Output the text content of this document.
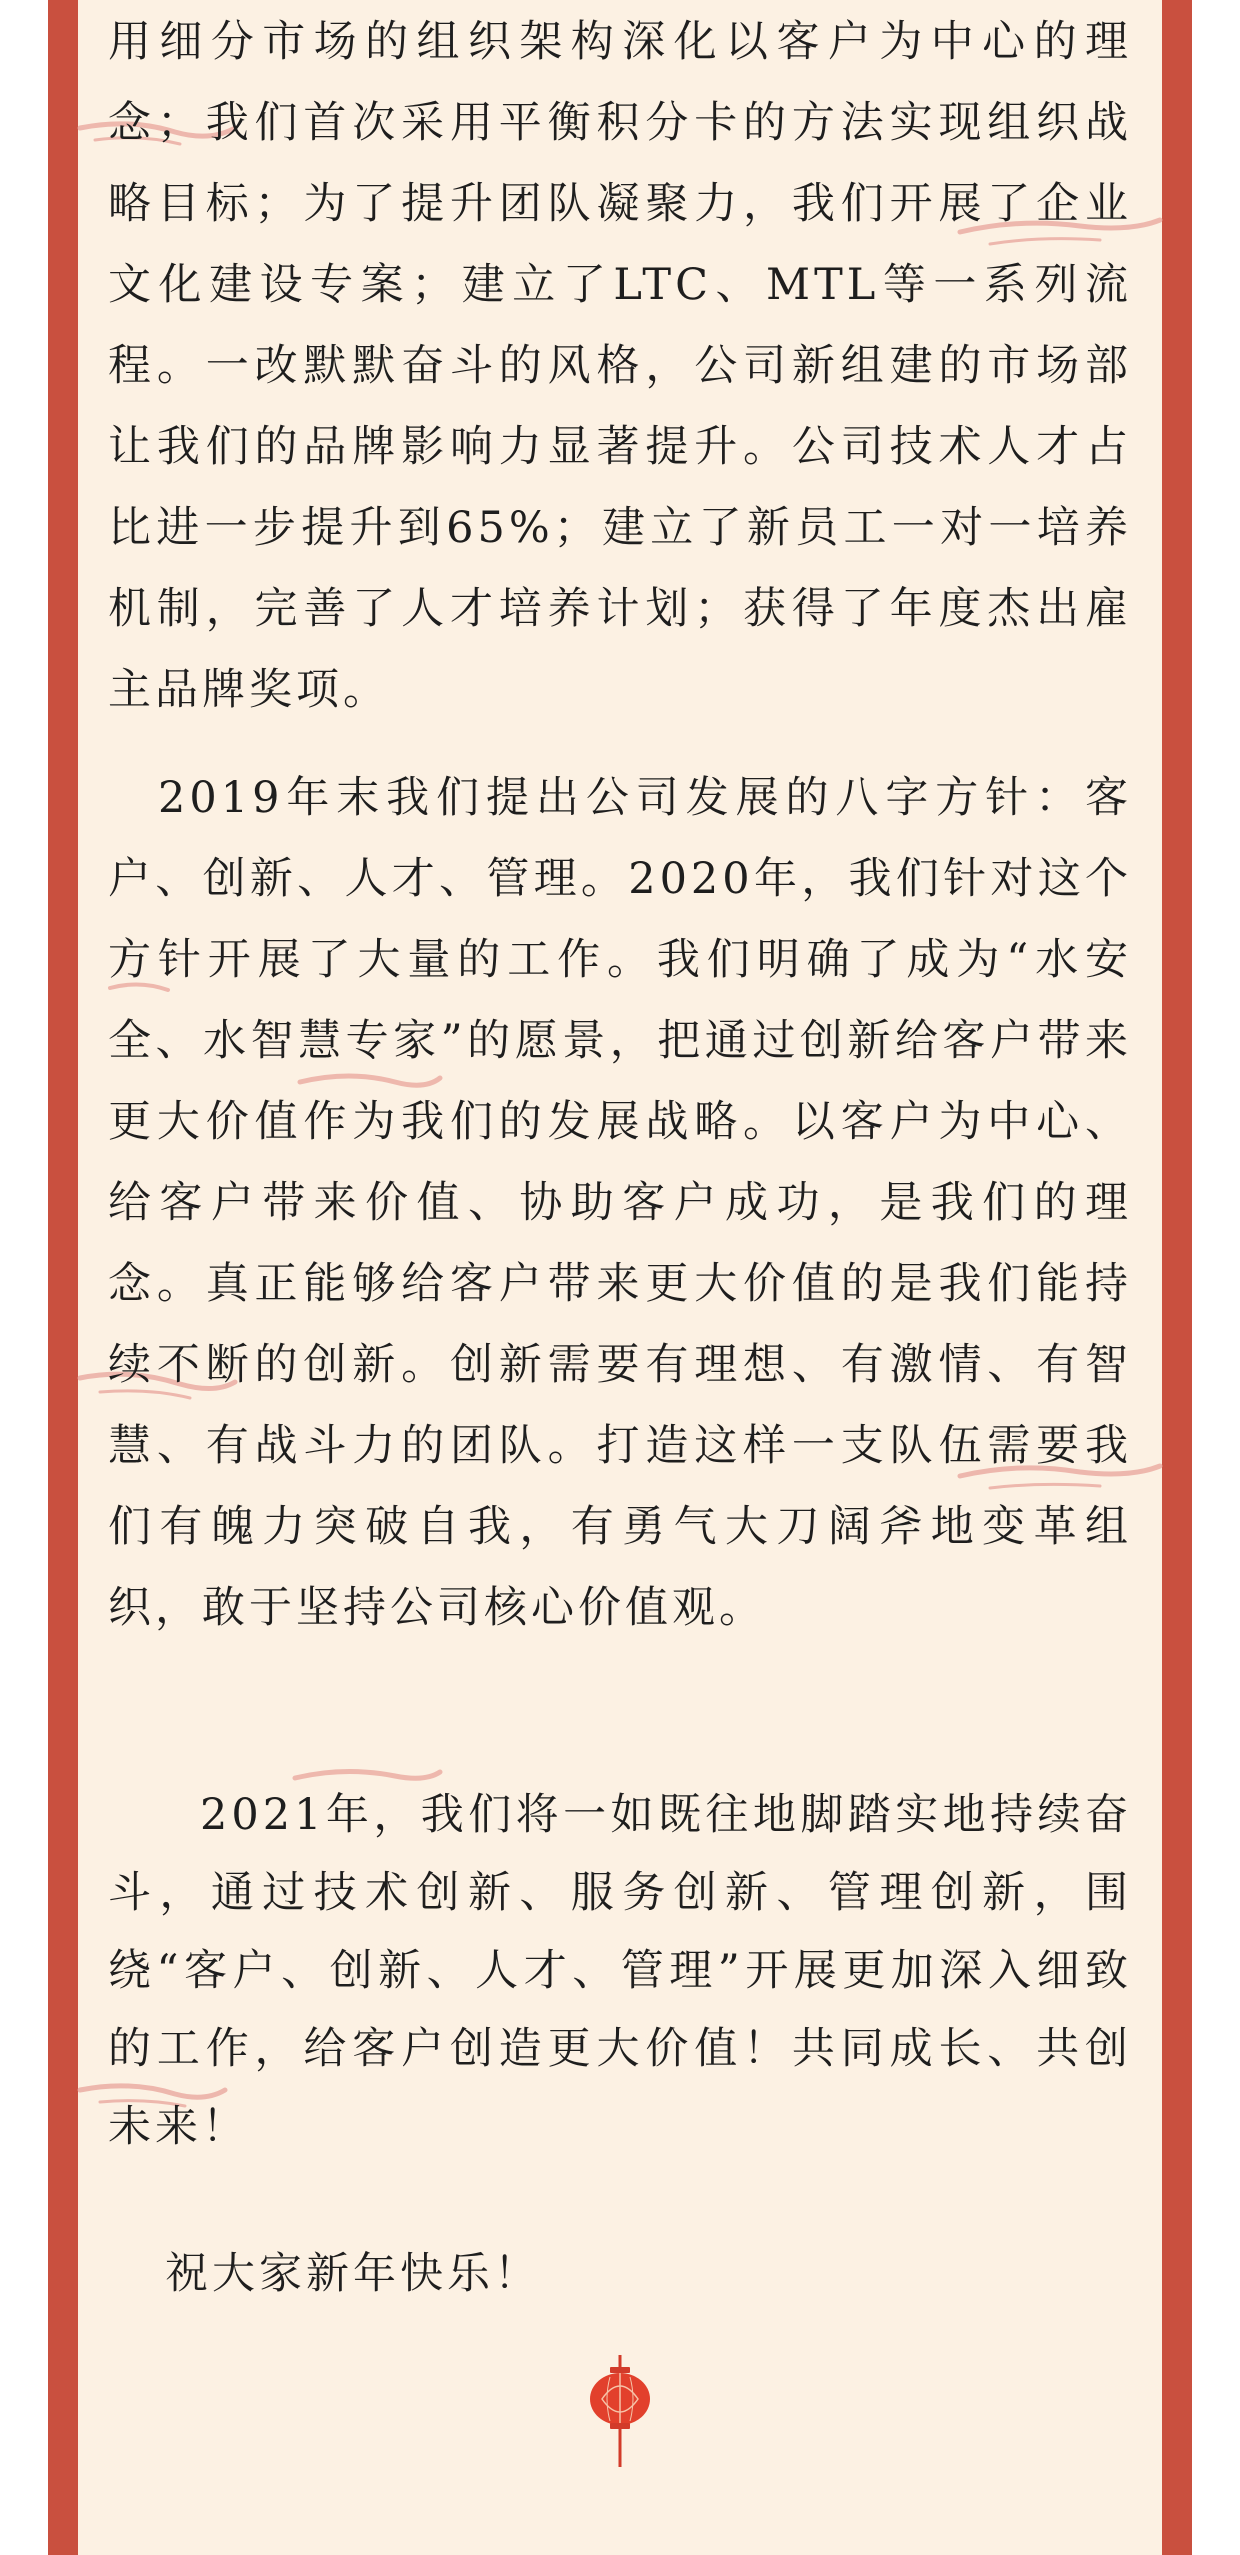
用细分市场的组织架构深化以客户为中心的理念；我们首次采用平衡积分卡的方法实现组织战略目标；为了提升团队凝聚力，我们开展了企业文化建设专案；建立了LTC、MTL等一系列流程。一改默默奋斗的风格，公司新组建的市场部让我们的品牌影响力显著提升。公司技术人才占比进一步提升到65%；建立了新员工一对一培养机制，完善了人才培养计划；获得了年度杰出雇主品牌奖项。

2019年末我们提出公司发展的八字方针：客户、创新、人才、管理。2020年，我们针对这个方针开展了大量的工作。我们明确了成为“水安全、水智慧专家”的愿景，把通过创新给客户带来更大价值作为我们的发展战略。以客户为中心、给客户带来价值、协助客户成功，是我们的理念。真正能够给客户带来更大价值的是我们能持续不断的创新。创新需要有理想、有激情、有智慧、有战斗力的团队。打造这样一支队伍需要我们有魄力突破自我，有勇气大刀阔斧地变革组织，敢于坚持公司核心价值观。

2021年，我们将一如既往地脚踏实地持续奋斗，通过技术创新、服务创新、管理创新，围绕“客户、创新、人才、管理”开展更加深入细致的工作，给客户创造更大价值！共同成长、共创未来！

祝大家新年快乐！
